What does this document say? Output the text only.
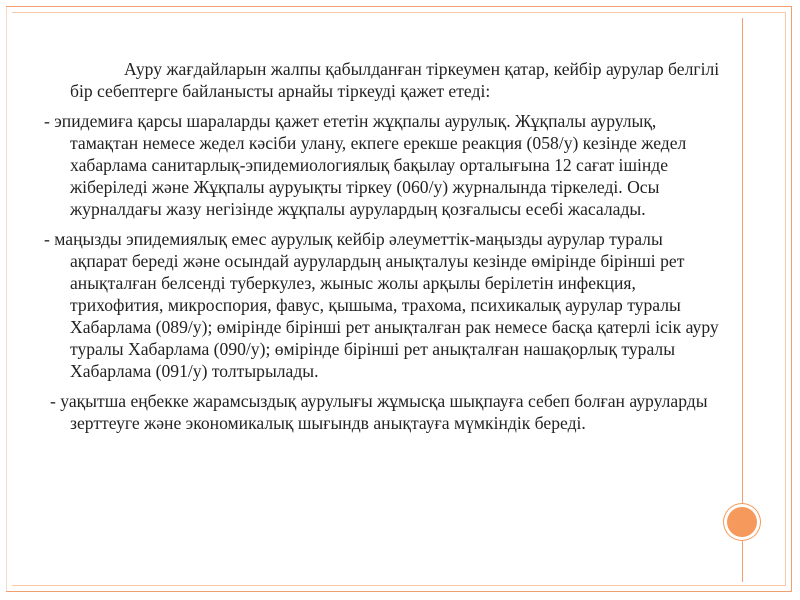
Ауру жағдайларын жалпы қабылданған тіркеумен қатар, кейбір аурулар белгілі бір себептерге байланысты арнайы тіркеуді қажет етеді:

- эпидемиға қарсы шараларды қажет ететін жұқпалы аурулық. Жұқпалы аурулық, тамақтан немесе жедел кәсіби улану, екпеге ерекше реакция (058/у) кезінде жедел хабарлама санитарлық-эпидемиологиялық бақылау орталығына 12 сағат ішінде жіберіледі және Жұқпалы ауруықты тіркеу (060/у) журналында тіркеледі. Осы журналдағы жазу негізінде жұқпалы аурулардың қозғалысы есебі жасалады.

- маңызды эпидемиялық емес аурулық кейбір әлеуметтік-маңызды аурулар туралы ақпарат береді және осындай аурулардың анықталуы кезінде өмірінде бірінші рет анықталған белсенді туберкулез, жыныс жолы арқылы берілетін инфекция, трихофития, микроспория, фавус, қышыма, трахома, психикалық аурулар туралы Хабарлама (089/у); өмірінде бірінші рет анықталған рак немесе басқа қатерлі ісік ауру туралы Хабарлама (090/у); өмірінде бірінші рет анықталған нашақорлық туралы Хабарлама (091/у) толтырылады.

- уақытша еңбекке жарамсыздық аурулығы жұмысқа шықпауға себеп болған ауруларды зерттеуге және экономикалық шығындв анықтауға мүмкіндік береді.
